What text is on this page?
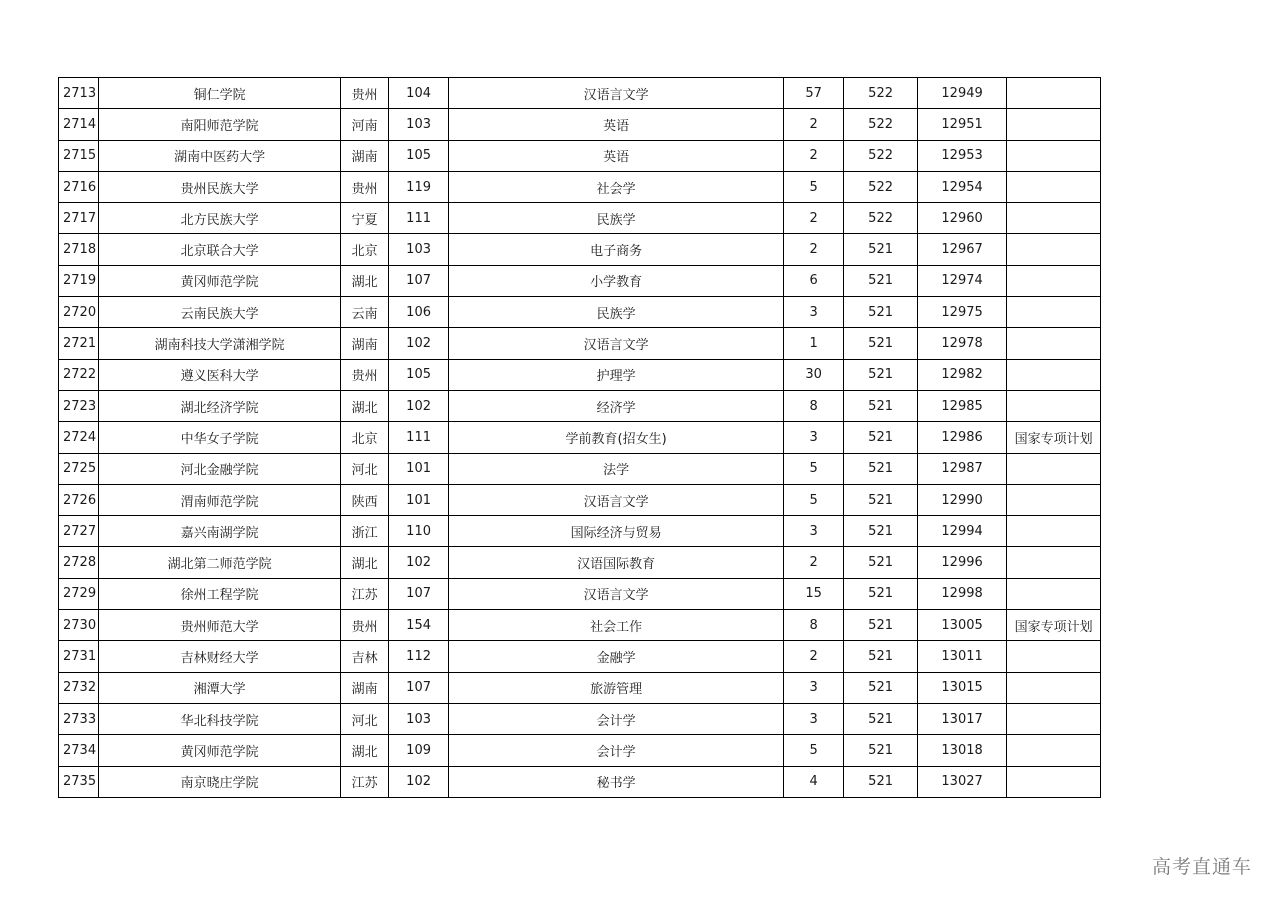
2713	铜仁学院	贵州	104	汉语言文学	57	522	12949	
2714	南阳师范学院	河南	103	英语	2	522	12951	
2715	湖南中医药大学	湖南	105	英语	2	522	12953	
2716	贵州民族大学	贵州	119	社会学	5	522	12954	
2717	北方民族大学	宁夏	111	民族学	2	522	12960	
2718	北京联合大学	北京	103	电子商务	2	521	12967	
2719	黄冈师范学院	湖北	107	小学教育	6	521	12974	
2720	云南民族大学	云南	106	民族学	3	521	12975	
2721	湖南科技大学潇湘学院	湖南	102	汉语言文学	1	521	12978	
2722	遵义医科大学	贵州	105	护理学	30	521	12982	
2723	湖北经济学院	湖北	102	经济学	8	521	12985	
2724	中华女子学院	北京	111	学前教育(招女生)	3	521	12986	国家专项计划
2725	河北金融学院	河北	101	法学	5	521	12987	
2726	渭南师范学院	陕西	101	汉语言文学	5	521	12990	
2727	嘉兴南湖学院	浙江	110	国际经济与贸易	3	521	12994	
2728	湖北第二师范学院	湖北	102	汉语国际教育	2	521	12996	
2729	徐州工程学院	江苏	107	汉语言文学	15	521	12998	
2730	贵州师范大学	贵州	154	社会工作	8	521	13005	国家专项计划
2731	吉林财经大学	吉林	112	金融学	2	521	13011	
2732	湘潭大学	湖南	107	旅游管理	3	521	13015	
2733	华北科技学院	河北	103	会计学	3	521	13017	
2734	黄冈师范学院	湖北	109	会计学	5	521	13018	
2735	南京晓庄学院	江苏	102	秘书学	4	521	13027	
高考直通车
